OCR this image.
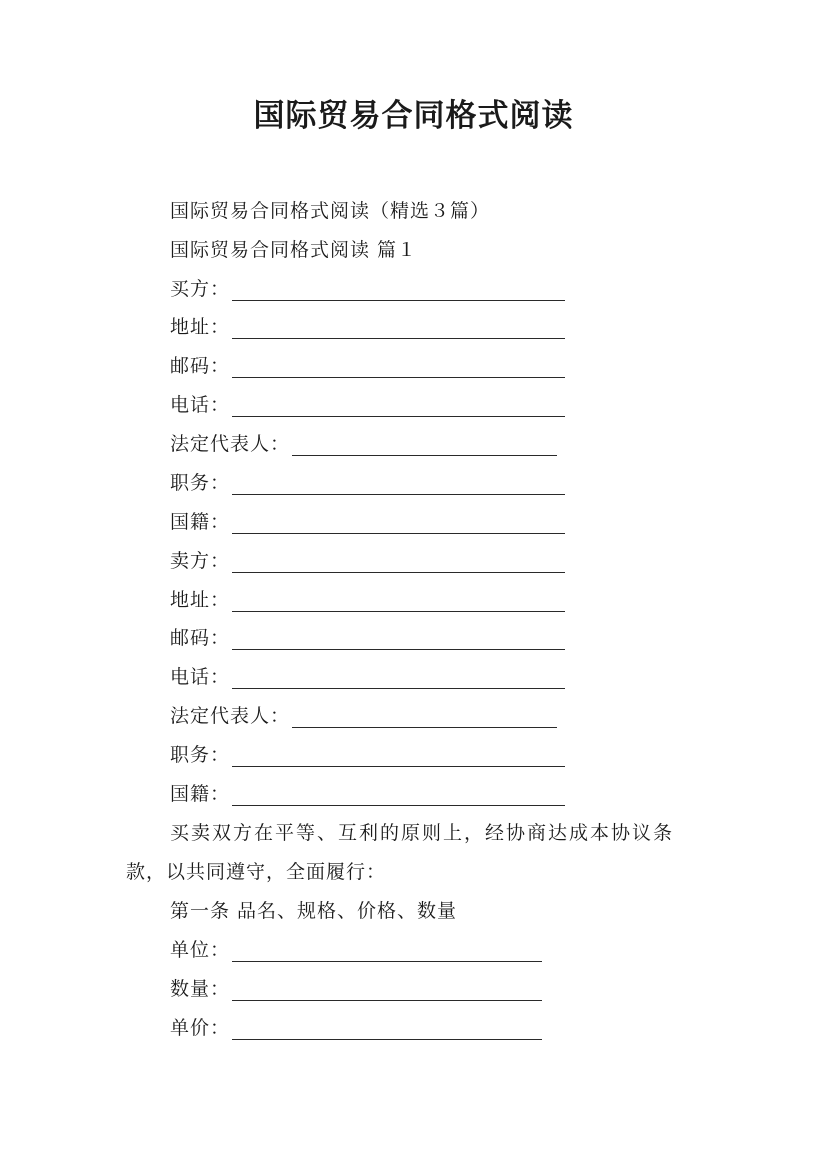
国际贸易合同格式阅读
国际贸易合同格式阅读（精选３篇）
国际贸易合同格式阅读 篇１
买方：
地址：
邮码：
电话：
法定代表人：
职务：
国籍：
卖方：
地址：
邮码：
电话：
法定代表人：
职务：
国籍：
买卖双方在平等、互利的原则上，经协商达成本协议条
款，以共同遵守，全面履行：
第一条 品名、规格、价格、数量
单位：
数量：
单价：
